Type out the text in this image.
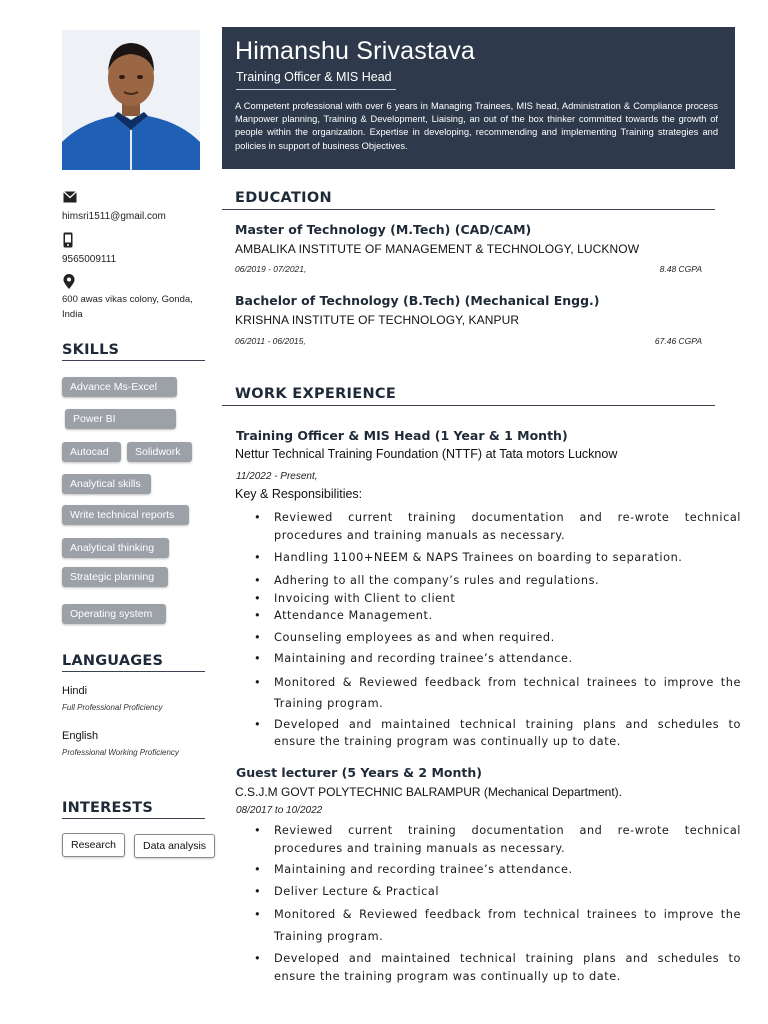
himsri1511@gmail.com
9565009111
600 awas vikas colony, Gonda, India
SKILLS
Advance Ms-Excel
Power BI
Autocad	Solidwork
Analytical skills
Write technical reports
Analytical thinking
Strategic planning
Operating system
LANGUAGES
Hindi
Full Professional Proficiency
English
Professional Working Proficiency
INTERESTS
Research	Data analysis
Himanshu Srivastava
Training Officer & MIS Head
A Competent professional with over 6 years in Managing Trainees, MIS head, Administration & Compliance process Manpower planning, Training & Development, Liaising, an out of the box thinker committed towards the growth of people within the organization. Expertise in developing, recommending and implementing Training strategies and policies in support of business Objectives.
EDUCATION
Master of Technology (M.Tech) (CAD/CAM)
AMBALIKA INSTITUTE OF MANAGEMENT & TECHNOLOGY, LUCKNOW
06/2019 - 07/2021,	8.48 CGPA
Bachelor of Technology (B.Tech) (Mechanical Engg.)
KRISHNA INSTITUTE OF TECHNOLOGY, KANPUR
06/2011 - 06/2015,	67.46 CGPA
WORK EXPERIENCE
Training Officer & MIS Head (1 Year & 1 Month)
Nettur Technical Training Foundation (NTTF) at Tata motors Lucknow
11/2022 - Present,
Key & Responsibilities:
• Reviewed current training documentation and re-wrote technical procedures and training manuals as necessary.
• Handling 1100+NEEM & NAPS Trainees on boarding to separation.
• Adhering to all the company’s rules and regulations.
• Invoicing with Client to client
• Attendance Management.
• Counseling employees as and when required.
• Maintaining and recording trainee’s attendance.
• Monitored & Reviewed feedback from technical trainees to improve the Training program.
• Developed and maintained technical training plans and schedules to ensure the training program was continually up to date.
Guest lecturer (5 Years & 2 Month)
C.S.J.M GOVT POLYTECHNIC BALRAMPUR (Mechanical Department).
08/2017 to 10/2022
• Reviewed current training documentation and re-wrote technical procedures and training manuals as necessary.
• Maintaining and recording trainee’s attendance.
• Deliver Lecture & Practical
• Monitored & Reviewed feedback from technical trainees to improve the Training program.
• Developed and maintained technical training plans and schedules to ensure the training program was continually up to date.
